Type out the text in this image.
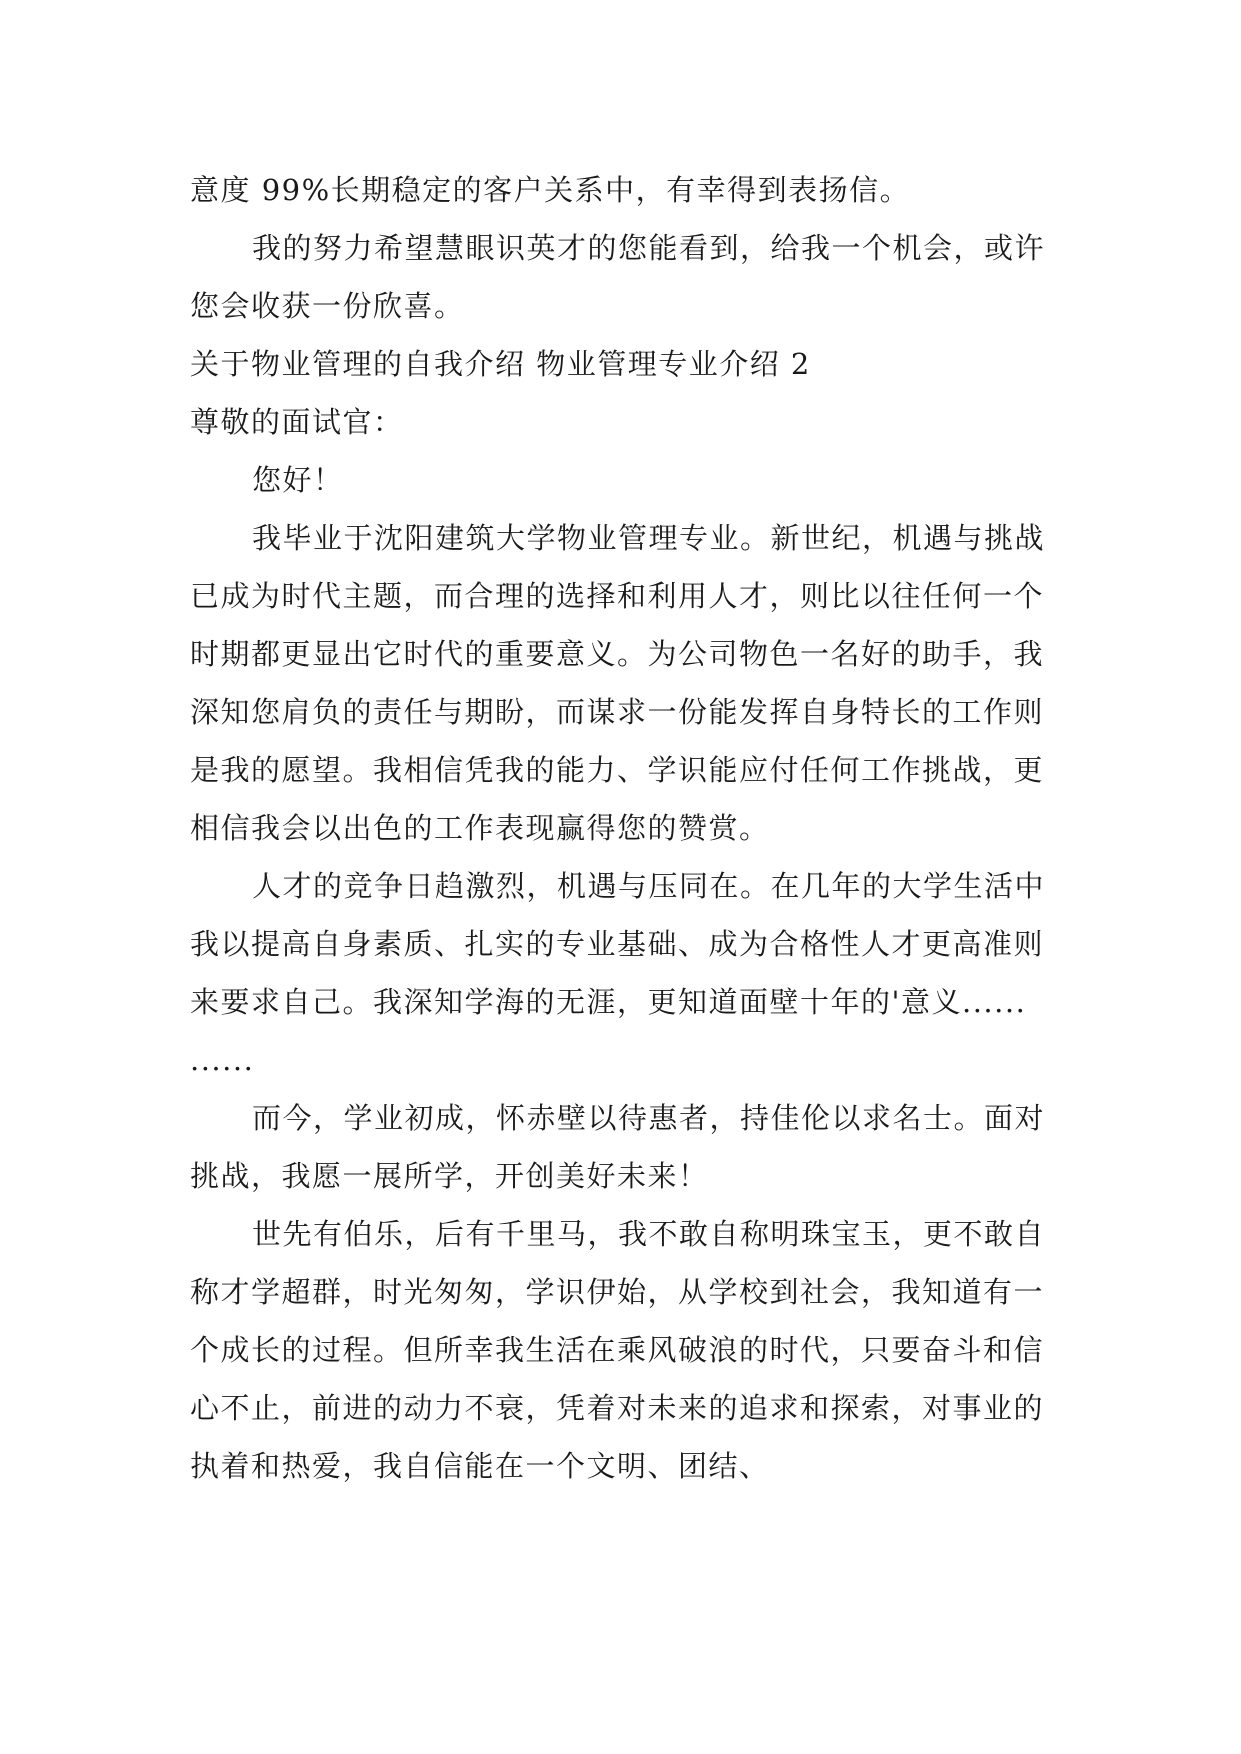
意度 99%长期稳定的客户关系中，有幸得到表扬信。

我的努力希望慧眼识英才的您能看到，给我一个机会，或许您会收获一份欣喜。

关于物业管理的自我介绍 物业管理专业介绍 2

尊敬的面试官：

您好！

我毕业于沈阳建筑大学物业管理专业。新世纪，机遇与挑战已成为时代主题，而合理的选择和利用人才，则比以往任何一个时期都更显出它时代的重要意义。为公司物色一名好的助手，我深知您肩负的责任与期盼，而谋求一份能发挥自身特长的工作则是我的愿望。我相信凭我的能力、学识能应付任何工作挑战，更相信我会以出色的工作表现赢得您的赞赏。

人才的竞争日趋激烈，机遇与压同在。在几年的大学生活中我以提高自身素质、扎实的专业基础、成为合格性人才更高准则来要求自己。我深知学海的无涯，更知道面壁十年的'意义...... ......

而今，学业初成，怀赤壁以待惠者，持佳伦以求名士。面对挑战，我愿一展所学，开创美好未来！

世先有伯乐，后有千里马，我不敢自称明珠宝玉，更不敢自称才学超群，时光匆匆，学识伊始，从学校到社会，我知道有一个成长的过程。但所幸我生活在乘风破浪的时代，只要奋斗和信心不止，前进的动力不衰，凭着对未来的追求和探索，对事业的执着和热爱，我自信能在一个文明、团结、
